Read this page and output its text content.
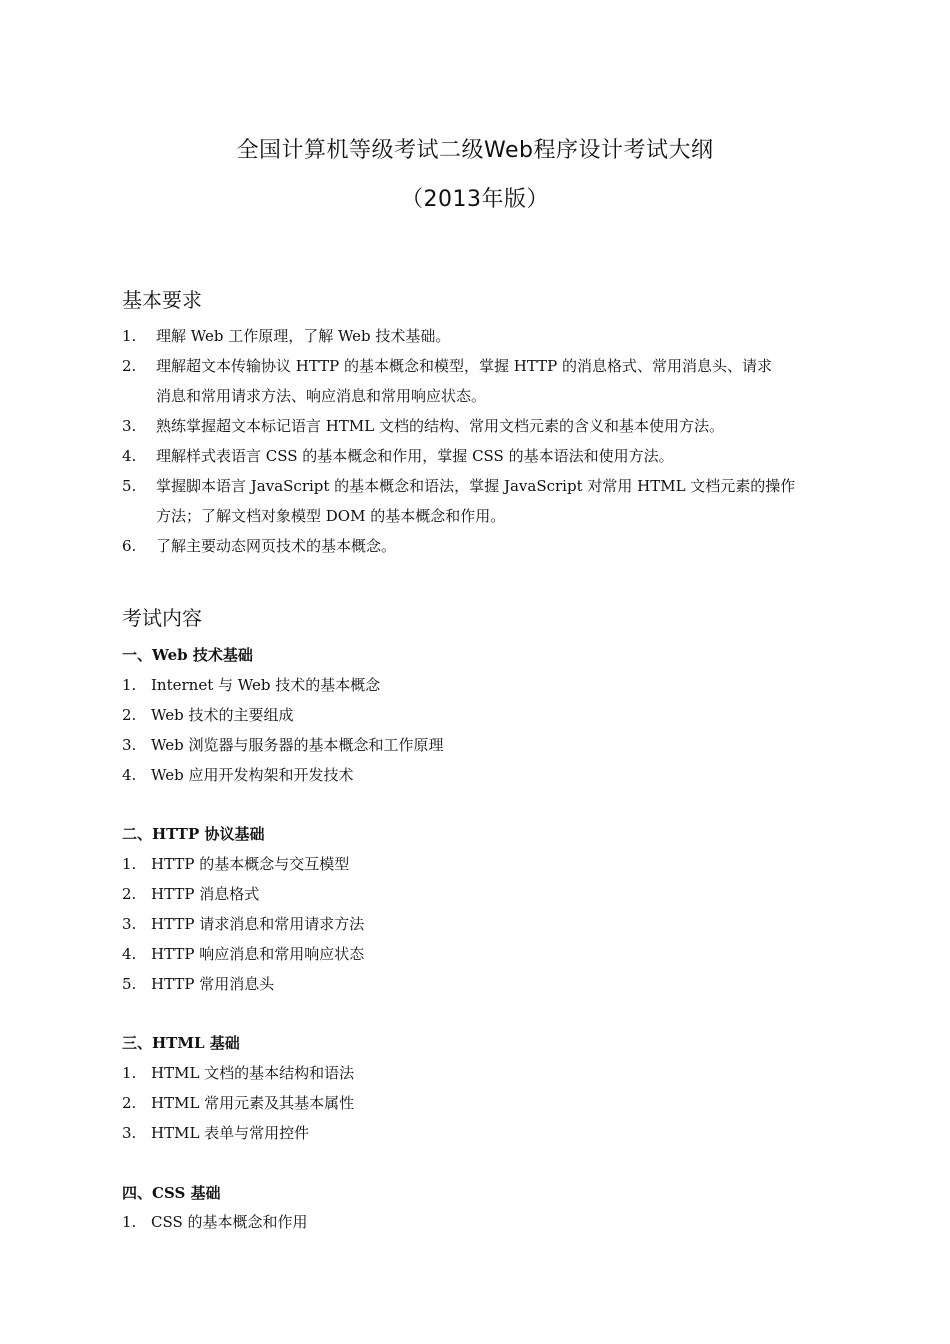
全国计算机等级考试二级Web程序设计考试大纲
（2013年版）
基本要求
1. 理解 Web 工作原理，了解 Web 技术基础。
2. 理解超文本传输协议 HTTP 的基本概念和模型，掌握 HTTP 的消息格式、常用消息头、请求
消息和常用请求方法、响应消息和常用响应状态。
3. 熟练掌握超文本标记语言 HTML 文档的结构、常用文档元素的含义和基本使用方法。
4. 理解样式表语言 CSS 的基本概念和作用，掌握 CSS 的基本语法和使用方法。
5. 掌握脚本语言 JavaScript 的基本概念和语法，掌握 JavaScript 对常用 HTML 文档元素的操作
方法；了解文档对象模型 DOM 的基本概念和作用。
6. 了解主要动态网页技术的基本概念。
考试内容
一、Web 技术基础
1. Internet 与 Web 技术的基本概念
2. Web 技术的主要组成
3. Web 浏览器与服务器的基本概念和工作原理
4. Web 应用开发构架和开发技术
二、HTTP 协议基础
1. HTTP 的基本概念与交互模型
2. HTTP 消息格式
3. HTTP 请求消息和常用请求方法
4. HTTP 响应消息和常用响应状态
5. HTTP 常用消息头
三、HTML 基础
1. HTML 文档的基本结构和语法
2. HTML 常用元素及其基本属性
3. HTML 表单与常用控件
四、CSS 基础
1. CSS 的基本概念和作用
